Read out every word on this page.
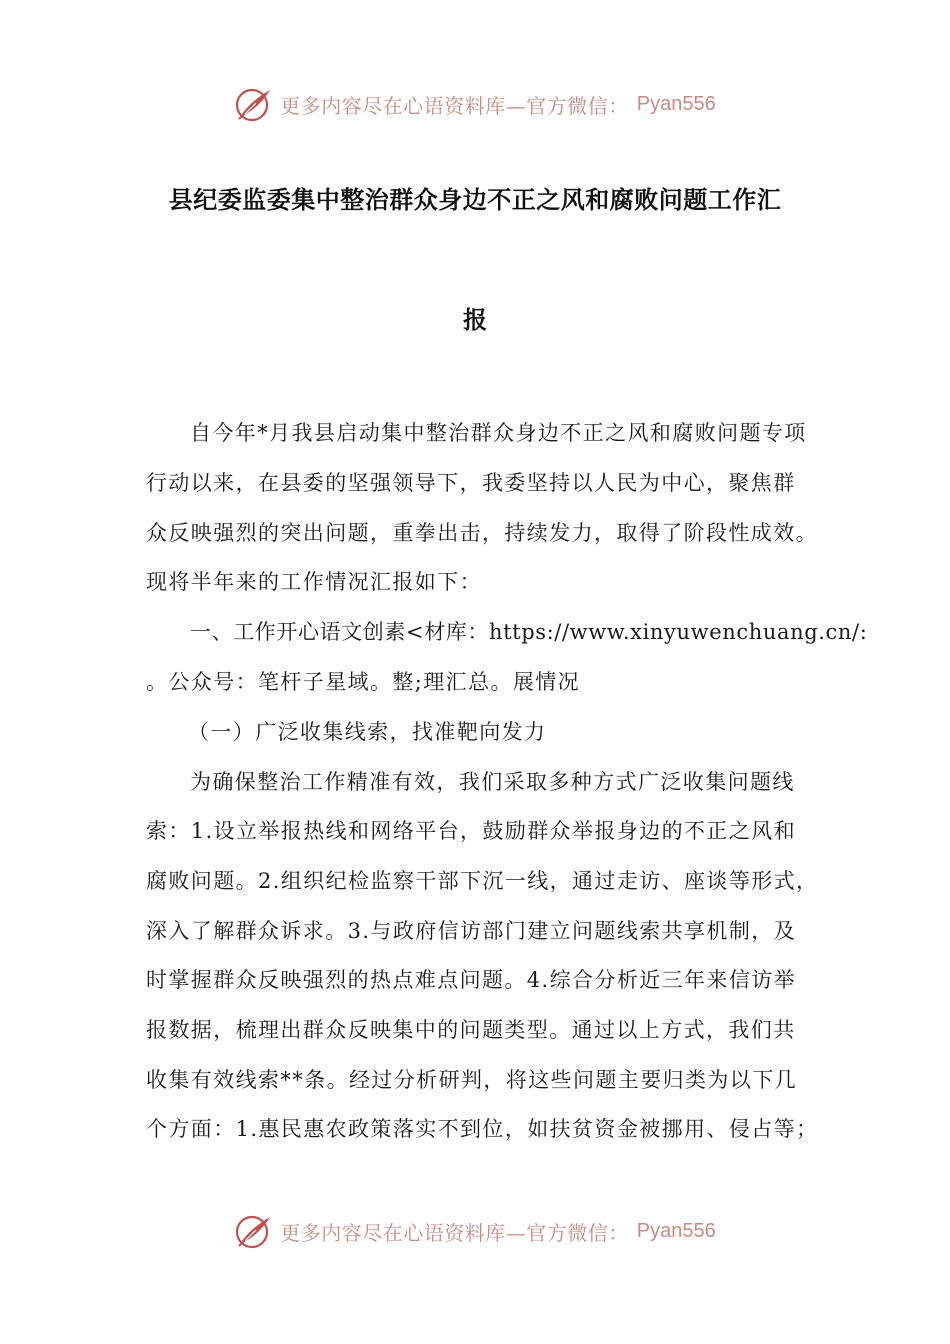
更多内容尽在心语资料库—官方微信： Pyan556
县纪委监委集中整治群众身边不正之风和腐败问题工作汇
报
自今年*月我县启动集中整治群众身边不正之风和腐败问题专项
行动以来，在县委的坚强领导下，我委坚持以人民为中心，聚焦群
众反映强烈的突出问题，重拳出击，持续发力，取得了阶段性成效。
现将半年来的工作情况汇报如下：
一、工作开心语文创素<材库：https://www.xinyuwenchuang.cn/:
。公众号：笔杆子星域。整;理汇总。展情况
（一）广泛收集线索，找准靶向发力
为确保整治工作精准有效，我们采取多种方式广泛收集问题线
索：1.设立举报热线和网络平台，鼓励群众举报身边的不正之风和
腐败问题。2.组织纪检监察干部下沉一线，通过走访、座谈等形式，
深入了解群众诉求。3.与政府信访部门建立问题线索共享机制，及
时掌握群众反映强烈的热点难点问题。4.综合分析近三年来信访举
报数据，梳理出群众反映集中的问题类型。通过以上方式，我们共
收集有效线索**条。经过分析研判，将这些问题主要归类为以下几
个方面：1.惠民惠农政策落实不到位，如扶贫资金被挪用、侵占等；
更多内容尽在心语资料库—官方微信： Pyan556
